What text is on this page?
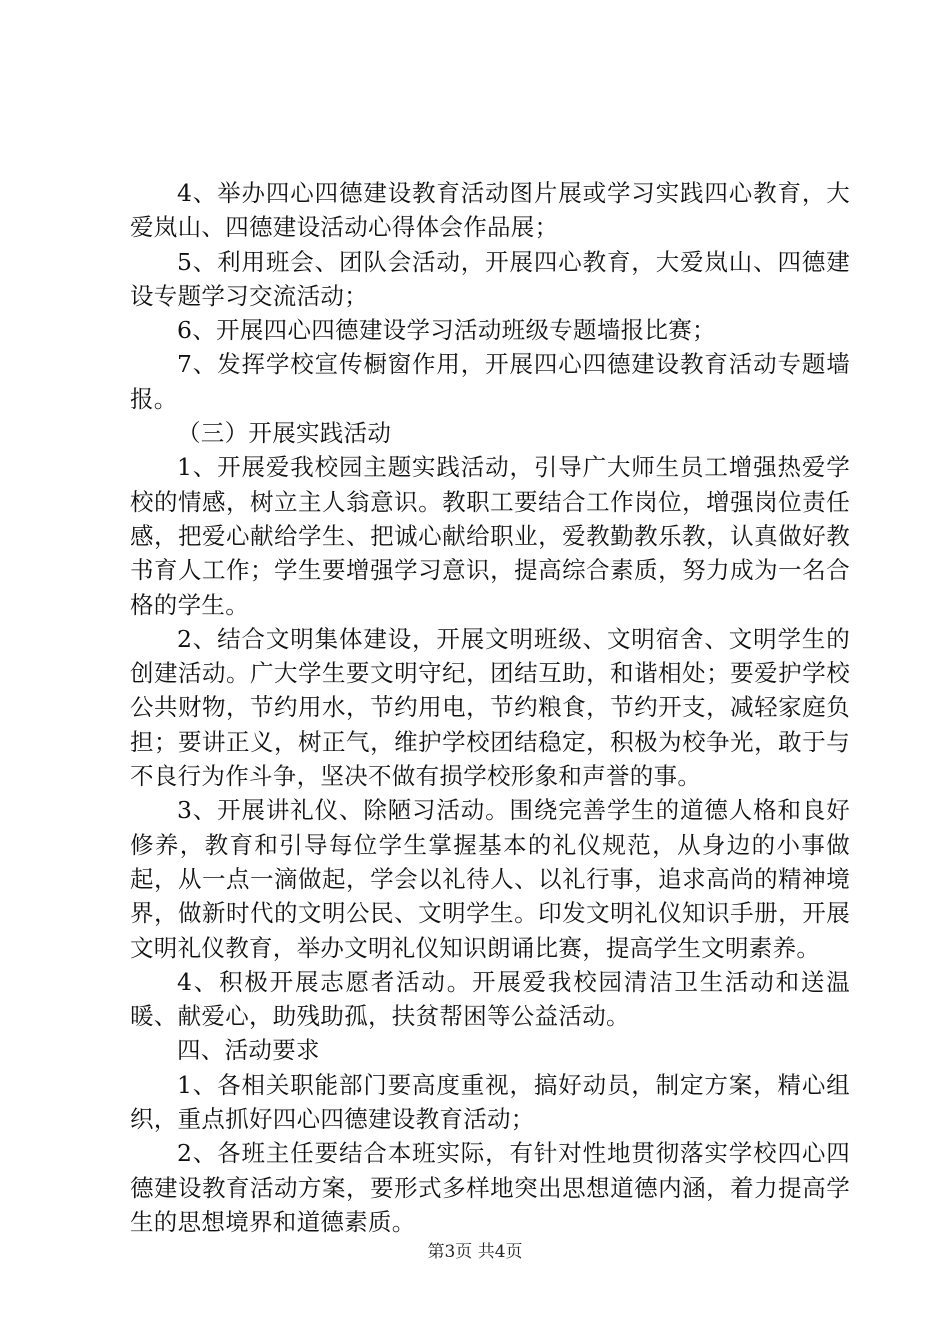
4、举办四心四德建设教育活动图片展或学习实践四心教育，大爱岚山、四德建设活动心得体会作品展；

5、利用班会、团队会活动，开展四心教育，大爱岚山、四德建设专题学习交流活动；

6、开展四心四德建设学习活动班级专题墙报比赛；

7、发挥学校宣传橱窗作用，开展四心四德建设教育活动专题墙报。

（三）开展实践活动

1、开展爱我校园主题实践活动，引导广大师生员工增强热爱学校的情感，树立主人翁意识。教职工要结合工作岗位，增强岗位责任感，把爱心献给学生、把诚心献给职业，爱教勤教乐教，认真做好教书育人工作；学生要增强学习意识，提高综合素质，努力成为一名合格的学生。

2、结合文明集体建设，开展文明班级、文明宿舍、文明学生的创建活动。广大学生要文明守纪，团结互助，和谐相处；要爱护学校公共财物，节约用水，节约用电，节约粮食，节约开支，减轻家庭负担；要讲正义，树正气，维护学校团结稳定，积极为校争光，敢于与不良行为作斗争，坚决不做有损学校形象和声誉的事。

3、开展讲礼仪、除陋习活动。围绕完善学生的道德人格和良好修养，教育和引导每位学生掌握基本的礼仪规范，从身边的小事做起，从一点一滴做起，学会以礼待人、以礼行事，追求高尚的精神境界，做新时代的文明公民、文明学生。印发文明礼仪知识手册，开展文明礼仪教育，举办文明礼仪知识朗诵比赛，提高学生文明素养。

4、积极开展志愿者活动。开展爱我校园清洁卫生活动和送温暖、献爱心，助残助孤，扶贫帮困等公益活动。

四、活动要求

1、各相关职能部门要高度重视，搞好动员，制定方案，精心组织，重点抓好四心四德建设教育活动；

2、各班主任要结合本班实际，有针对性地贯彻落实学校四心四德建设教育活动方案，要形式多样地突出思想道德内涵，着力提高学生的思想境界和道德素质。

第3页 共4页
